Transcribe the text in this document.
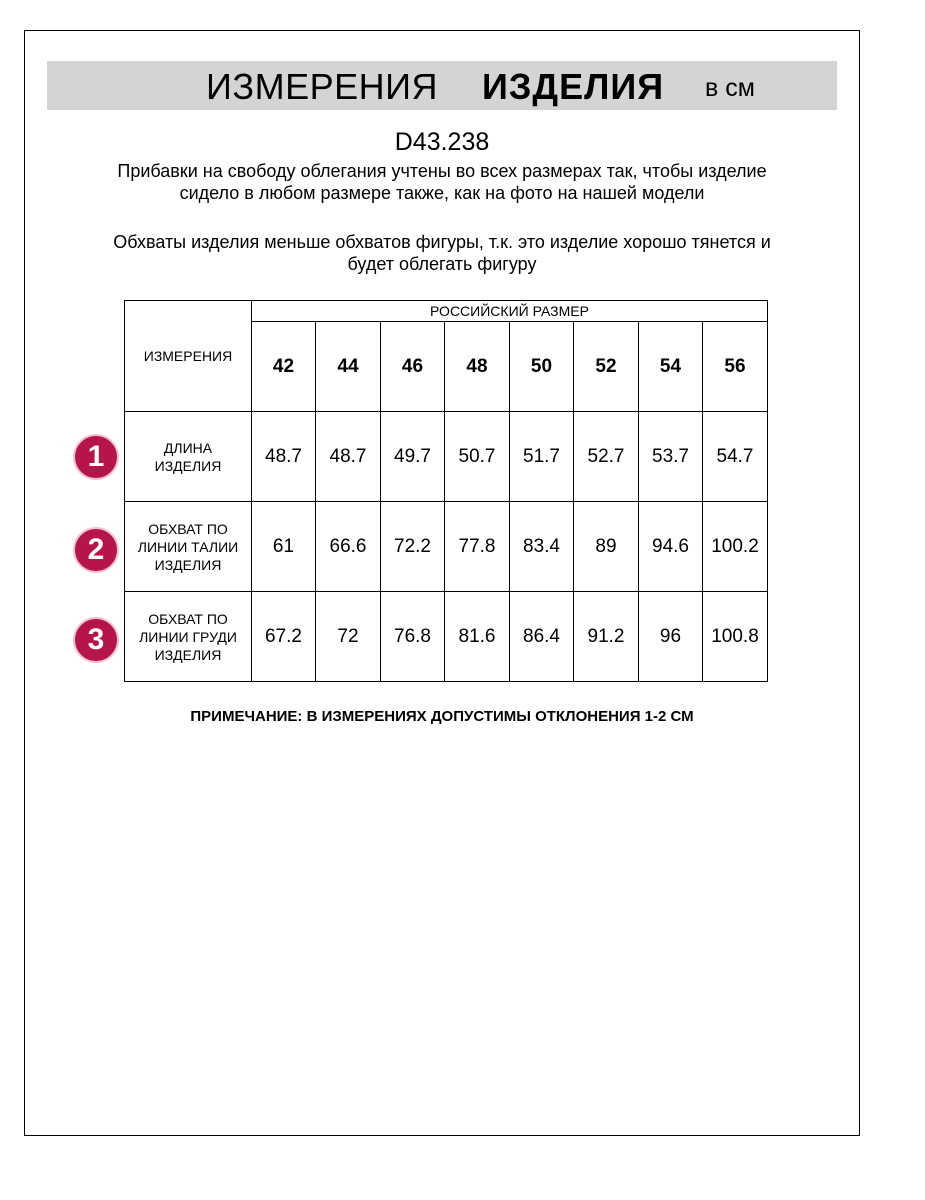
ИЗМЕРЕНИЯ ИЗДЕЛИЯ в см
D43.238
Прибавки на свободу облегания учтены во всех размерах так, чтобы изделие сидело в любом размере также, как на фото на нашей модели
Обхваты изделия меньше обхватов фигуры, т.к. это изделие хорошо тянется и будет облегать фигуру
ИЗМЕРЕНИЯ	РОССИЙСКИЙ РАЗМЕР							
	42	44	46	48	50	52	54	56
ДЛИНА
ИЗДЕЛИЯ	48.7	48.7	49.7	50.7	51.7	52.7	53.7	54.7
ОБХВАТ ПО
ЛИНИИ ТАЛИИ
ИЗДЕЛИЯ	61	66.6	72.2	77.8	83.4	89	94.6	100.2
ОБХВАТ ПО
ЛИНИИ ГРУДИ
ИЗДЕЛИЯ	67.2	72	76.8	81.6	86.4	91.2	96	100.8
1
2
3
ПРИМЕЧАНИЕ: В ИЗМЕРЕНИЯХ ДОПУСТИМЫ ОТКЛОНЕНИЯ 1-2 СМ
